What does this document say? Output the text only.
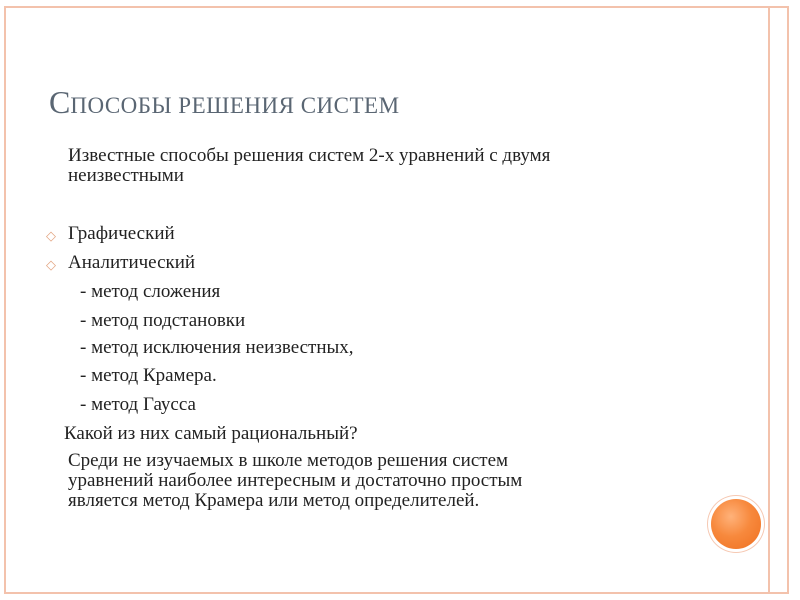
СПОСОБЫ РЕШЕНИЯ СИСТЕМ
Известные способы решения систем 2-х уравнений с двумя
неизвестными
◇ Графический
◇ Аналитический
- метод сложения
- метод подстановки
- метод исключения неизвестных,
- метод Крамера.
- метод Гаусса
Какой из них самый рациональный?
Среди не изучаемых в школе методов решения систем
уравнений наиболее интересным и достаточно простым
является метод Крамера или метод определителей.
